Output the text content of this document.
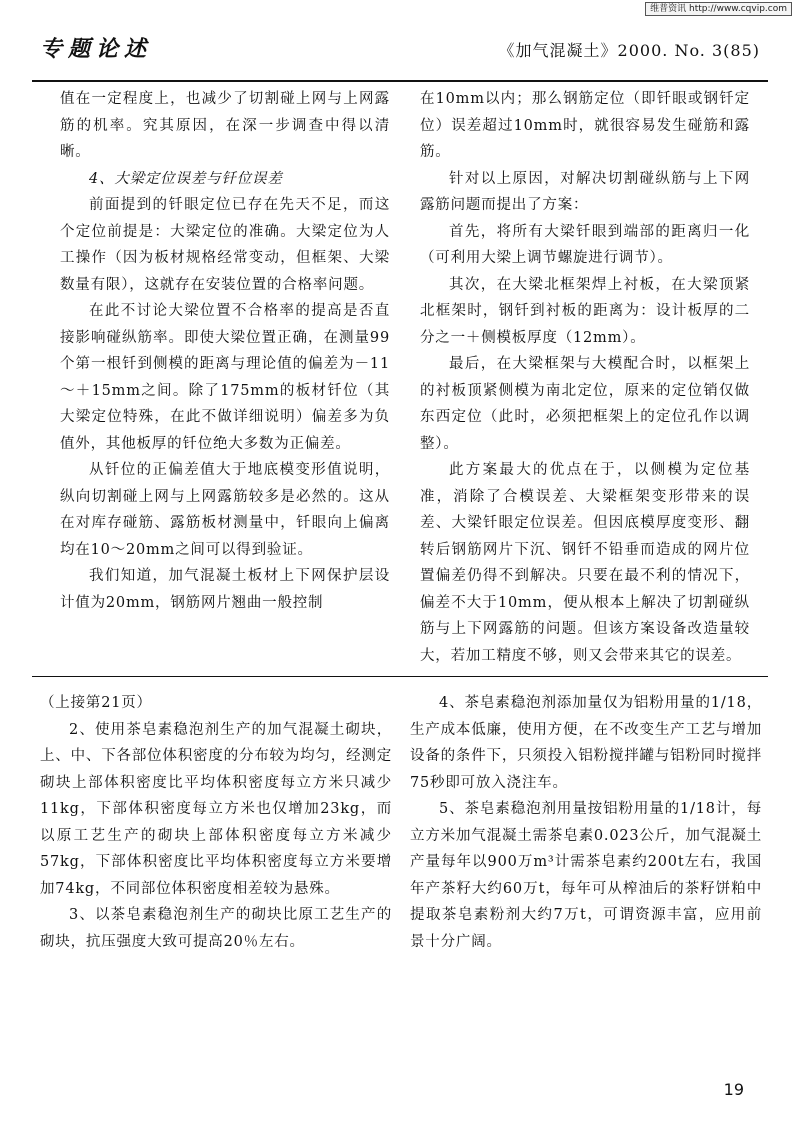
维普资讯 http://www.cqvip.com
专题论述	《加气混凝土》2000. No. 3(85)

值在一定程度上，也减少了切割碰上网与上网露筋的机率。究其原因，在深一步调查中得以清晰。

4、大梁定位误差与钎位误差

前面提到的钎眼定位已存在先天不足，而这个定位前提是：大梁定位的准确。大梁定位为人工操作（因为板材规格经常变动，但框架、大梁数量有限），这就存在安装位置的合格率问题。

在此不讨论大梁位置不合格率的提高是否直接影响碰纵筋率。即使大梁位置正确，在测量99个第一根钎到侧模的距离与理论值的偏差为－11～＋15mm之间。除了175mm的板材钎位（其大梁定位特殊，在此不做详细说明）偏差多为负值外，其他板厚的钎位绝大多数为正偏差。

从钎位的正偏差值大于地底模变形值说明，纵向切割碰上网与上网露筋较多是必然的。这从在对库存碰筋、露筋板材测量中，钎眼向上偏离均在10～20mm之间可以得到验证。

我们知道，加气混凝土板材上下网保护层设计值为20mm，钢筋网片翘曲一般控制

在10mm以内；那么钢筋定位（即钎眼或钢钎定位）误差超过10mm时，就很容易发生碰筋和露筋。

针对以上原因，对解决切割碰纵筋与上下网露筋问题而提出了方案：

首先，将所有大梁钎眼到端部的距离归一化（可利用大梁上调节螺旋进行调节）。

其次，在大梁北框架焊上衬板，在大梁顶紧北框架时，钢钎到衬板的距离为：设计板厚的二分之一＋侧模板厚度（12mm）。

最后，在大梁框架与大模配合时，以框架上的衬板顶紧侧模为南北定位，原来的定位销仅做东西定位（此时，必须把框架上的定位孔作以调整）。

此方案最大的优点在于，以侧模为定位基准，消除了合模误差、大梁框架变形带来的误差、大梁钎眼定位误差。但因底模厚度变形、翻转后钢筋网片下沉、钢钎不铅垂而造成的网片位置偏差仍得不到解决。只要在最不利的情况下，偏差不大于10mm，便从根本上解决了切割碰纵筋与上下网露筋的问题。但该方案设备改造量较大，若加工精度不够，则又会带来其它的误差。

（上接第21页）

2、使用茶皂素稳泡剂生产的加气混凝土砌块，上、中、下各部位体积密度的分布较为均匀，经测定砌块上部体积密度比平均体积密度每立方米只减少11kg，下部体积密度每立方米也仅增加23kg，而以原工艺生产的砌块上部体积密度每立方米减少57kg，下部体积密度比平均体积密度每立方米要增加74kg，不同部位体积密度相差较为悬殊。

3、以茶皂素稳泡剂生产的砌块比原工艺生产的砌块，抗压强度大致可提高20％左右。

4、茶皂素稳泡剂添加量仅为铝粉用量的1/18，生产成本低廉，使用方便，在不改变生产工艺与增加设备的条件下，只须投入铝粉搅拌罐与铝粉同时搅拌75秒即可放入浇注车。

5、茶皂素稳泡剂用量按铝粉用量的1/18计，每立方米加气混凝土需茶皂素0.023公斤，加气混凝土产量每年以900万m³计需茶皂素约200t左右，我国年产茶籽大约60万t，每年可从榨油后的茶籽饼粕中提取茶皂素粉剂大约7万t，可谓资源丰富，应用前景十分广阔。

19
